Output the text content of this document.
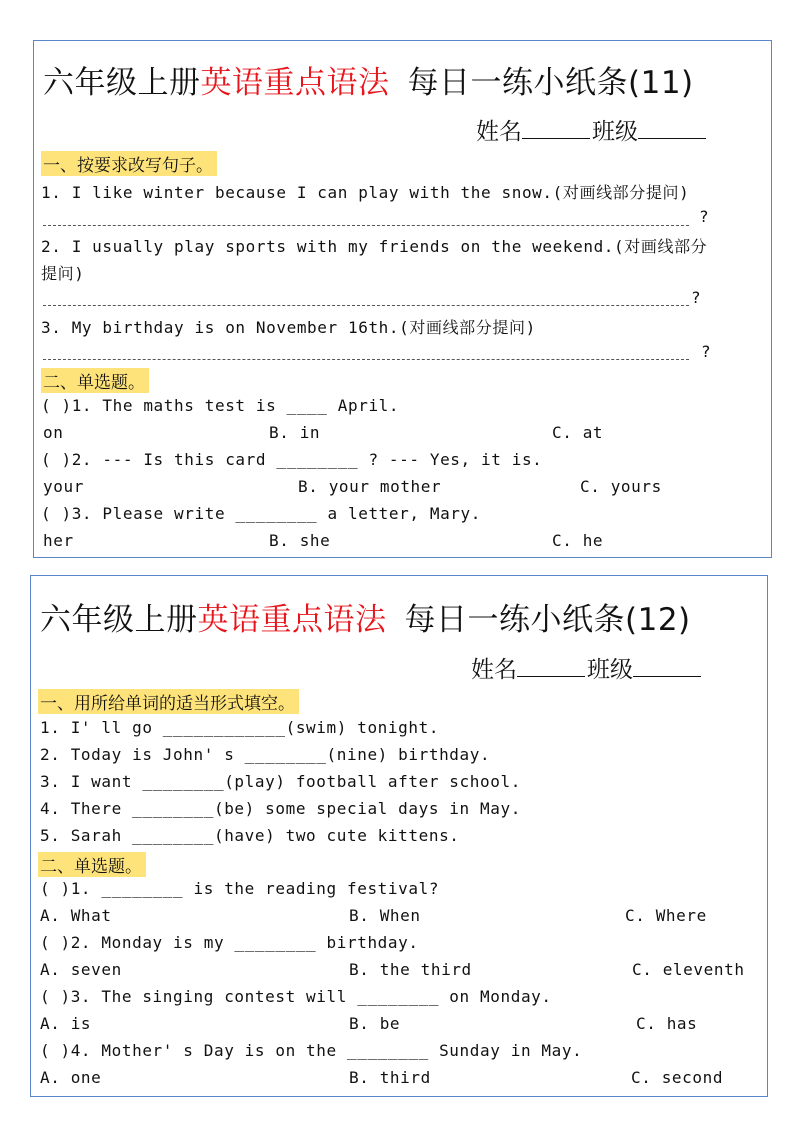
六年级上册英语重点语法 每日一练小纸条(11)
姓名	班级
一、按要求改写句子。
1. I like winter because I can play with the snow.(对画线部分提问)
?
2. I usually play sports with my friends on the weekend.(对画线部分
提问)
?
3. My birthday is on November 16th.(对画线部分提问)
?
二、单选题。
( )1. The maths test is ____ April.
on	B. in	C. at
( )2. --- Is this card ________ ? --- Yes, it is.
your	B. your mother	C. yours
( )3. Please write ________ a letter, Mary.
her	B. she	C. he
六年级上册英语重点语法 每日一练小纸条(12)
姓名	班级
一、用所给单词的适当形式填空。
1. I' ll go ____________(swim) tonight.
2. Today is John' s ________(nine) birthday.
3. I want ________(play) football after school.
4. There ________(be) some special days in May.
5. Sarah ________(have) two cute kittens.
二、单选题。
( )1. ________ is the reading festival?
A. What	B. When	C. Where
( )2. Monday is my ________ birthday.
A. seven	B. the third	C. eleventh
( )3. The singing contest will ________ on Monday.
A. is	B. be	C. has
( )4. Mother' s Day is on the ________ Sunday in May.
A. one	B. third	C. second
